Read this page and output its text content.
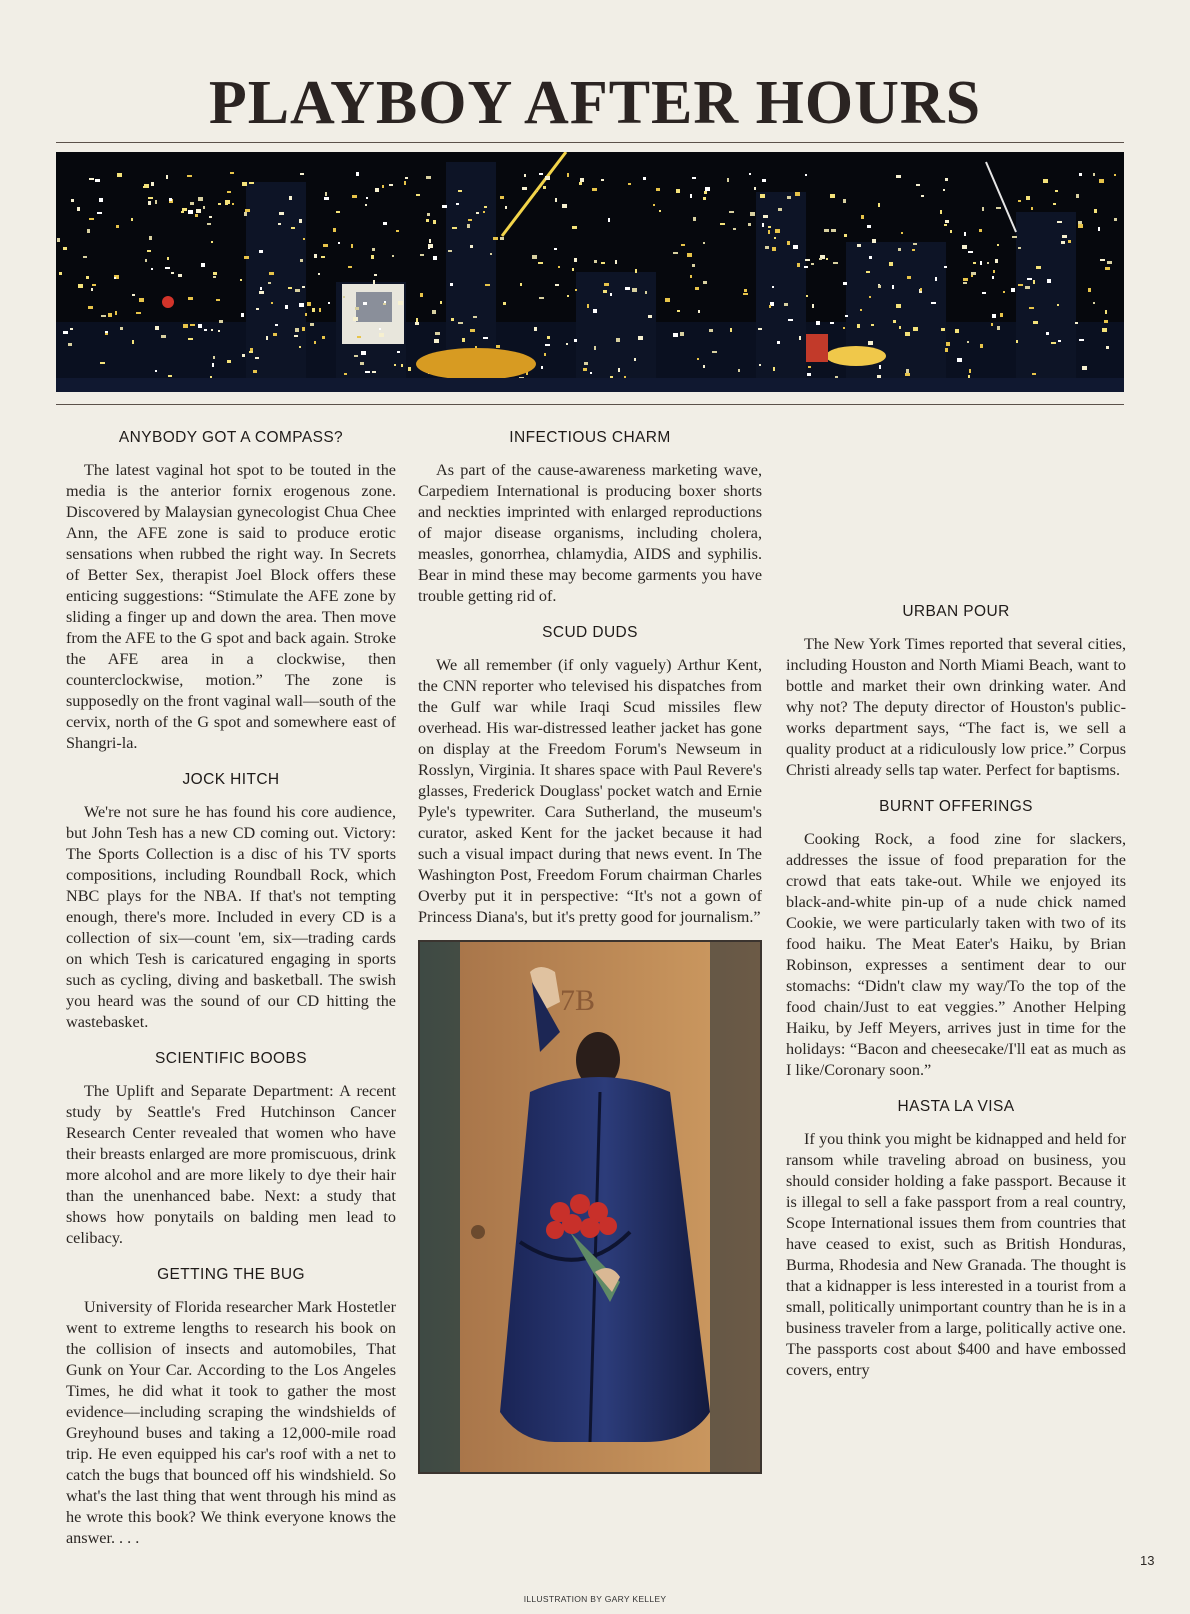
PLAYBOY AFTER HOURS
ANYBODY GOT A COMPASS?

The latest vaginal hot spot to be touted in the media is the anterior fornix erogenous zone. Discovered by Malaysian gynecologist Chua Chee Ann, the AFE zone is said to produce erotic sensations when rubbed the right way. In Secrets of Better Sex, therapist Joel Block offers these enticing suggestions: “Stimulate the AFE zone by sliding a finger up and down the area. Then move from the AFE to the G spot and back again. Stroke the AFE area in a clockwise, then counterclockwise, motion.” The zone is supposedly on the front vaginal wall—south of the cervix, north of the G spot and somewhere east of Shangri-la.

JOCK HITCH

We're not sure he has found his core audience, but John Tesh has a new CD coming out. Victory: The Sports Collection is a disc of his TV sports compositions, including Roundball Rock, which NBC plays for the NBA. If that's not tempting enough, there's more. Included in every CD is a collection of six—count 'em, six—trading cards on which Tesh is caricatured engaging in sports such as cycling, diving and basketball. The swish you heard was the sound of our CD hitting the wastebasket.

SCIENTIFIC BOOBS

The Uplift and Separate Department: A recent study by Seattle's Fred Hutchinson Cancer Research Center revealed that women who have their breasts enlarged are more promiscuous, drink more alcohol and are more likely to dye their hair than the unenhanced babe. Next: a study that shows how ponytails on balding men lead to celibacy.

GETTING THE BUG

University of Florida researcher Mark Hostetler went to extreme lengths to research his book on the collision of insects and automobiles, That Gunk on Your Car. According to the Los Angeles Times, he did what it took to gather the most evidence—including scraping the windshields of Greyhound buses and taking a 12,000-mile road trip. He even equipped his car's roof with a net to catch the bugs that bounced off his windshield. So what's the last thing that went through his mind as he wrote this book? We think everyone knows the answer. . . .

INFECTIOUS CHARM

As part of the cause-awareness marketing wave, Carpediem International is producing boxer shorts and neckties imprinted with enlarged reproductions of major disease organisms, including cholera, measles, gonorrhea, chlamydia, AIDS and syphilis. Bear in mind these may become garments you have trouble getting rid of.

SCUD DUDS

We all remember (if only vaguely) Arthur Kent, the CNN reporter who televised his dispatches from the Gulf war while Iraqi Scud missiles flew overhead. His war-distressed leather jacket has gone on display at the Freedom Forum's Newseum in Rosslyn, Virginia. It shares space with Paul Revere's glasses, Frederick Douglass' pocket watch and Ernie Pyle's typewriter. Cara Sutherland, the museum's curator, asked Kent for the jacket because it had such a visual impact during that news event. In The Washington Post, Freedom Forum chairman Charles Overby put it in perspective: “It's not a gown of Princess Diana's, but it's pretty good for journalism.”

7B

URBAN POUR

The New York Times reported that several cities, including Houston and North Miami Beach, want to bottle and market their own drinking water. And why not? The deputy director of Houston's public-works department says, “The fact is, we sell a quality product at a ridiculously low price.” Corpus Christi already sells tap water. Perfect for baptisms.

BURNT OFFERINGS

Cooking Rock, a food zine for slackers, addresses the issue of food preparation for the crowd that eats take-out. While we enjoyed its black-and-white pin-up of a nude chick named Cookie, we were particularly taken with two of its food haiku. The Meat Eater's Haiku, by Brian Robinson, expresses a sentiment dear to our stomachs: “Didn't claw my way/To the top of the food chain/Just to eat veggies.” Another Helping Haiku, by Jeff Meyers, arrives just in time for the holidays: “Bacon and cheesecake/I'll eat as much as I like/Coronary soon.”

HASTA LA VISA

If you think you might be kidnapped and held for ransom while traveling abroad on business, you should consider holding a fake passport. Because it is illegal to sell a fake passport from a real country, Scope International issues them from countries that have ceased to exist, such as British Honduras, Burma, Rhodesia and New Granada. The thought is that a kidnapper is less interested in a tourist from a small, politically unimportant country than he is in a business traveler from a large, politically active one. The passports cost about $400 and have embossed covers, entry

ILLUSTRATION BY GARY KELLEY
13
